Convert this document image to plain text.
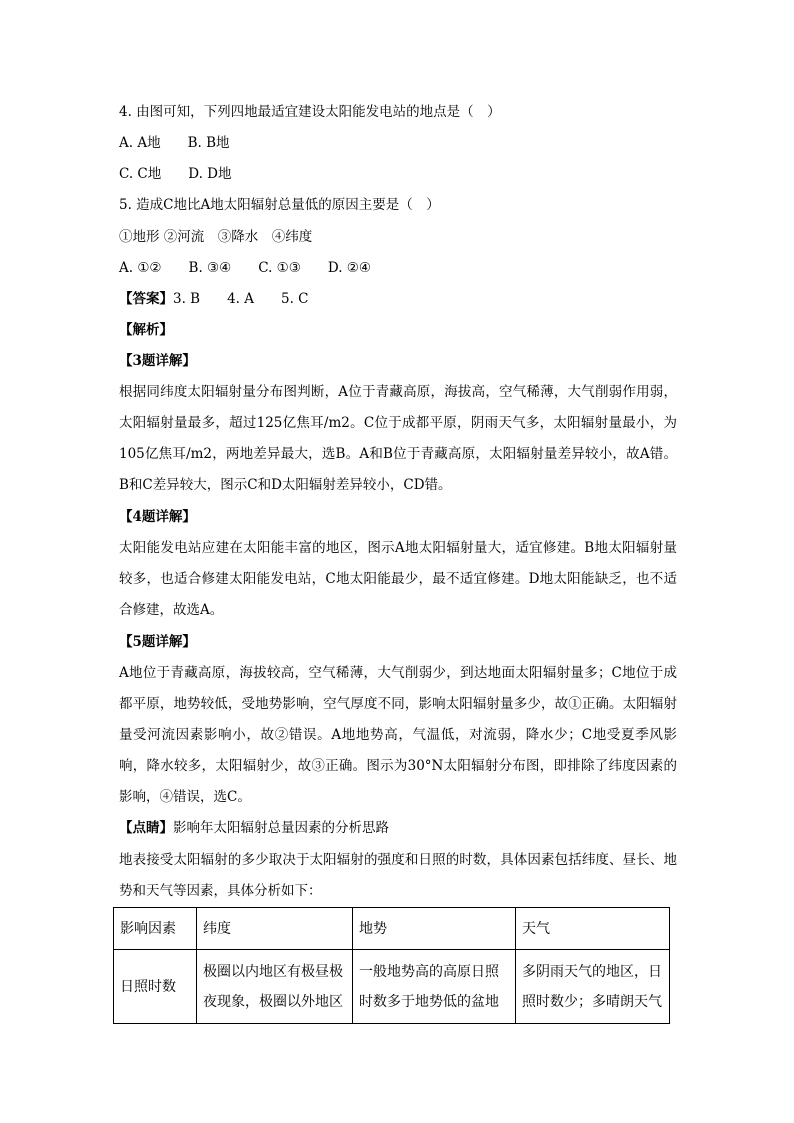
4. 由图可知，下列四地最适宜建设太阳能发电站的地点是（　）
A. A地　　B. B地
C. C地　　D. D地
5. 造成C地比A地太阳辐射总量低的原因主要是（　）
①地形 ②河流　③降水　④纬度
A. ①②　　B. ③④　　C. ①③　　D. ②④
【答案】3. B　　4. A　　5. C
【解析】
【3题详解】
根据同纬度太阳辐射量分布图判断，A位于青藏高原，海拔高，空气稀薄，大气削弱作用弱，太阳辐射量最多，超过125亿焦耳/m2。C位于成都平原，阴雨天气多，太阳辐射量最小，为105亿焦耳/m2，两地差异最大，选B。A和B位于青藏高原，太阳辐射量差异较小，故A错。B和C差异较大，图示C和D太阳辐射差异较小，CD错。
【4题详解】
太阳能发电站应建在太阳能丰富的地区，图示A地太阳辐射量大，适宜修建。B地太阳辐射量较多，也适合修建太阳能发电站，C地太阳能最少，最不适宜修建。D地太阳能缺乏，也不适合修建，故选A。
【5题详解】
A地位于青藏高原，海拔较高，空气稀薄，大气削弱少，到达地面太阳辐射量多；C地位于成都平原，地势较低，受地势影响，空气厚度不同，影响太阳辐射量多少，故①正确。太阳辐射量受河流因素影响小，故②错误。A地地势高，气温低，对流弱，降水少；C地受夏季风影响，降水较多，太阳辐射少，故③正确。图示为30°N太阳辐射分布图，即排除了纬度因素的影响，④错误，选C。
【点睛】影响年太阳辐射总量因素的分析思路
地表接受太阳辐射的多少取决于太阳辐射的强度和日照的时数，具体因素包括纬度、昼长、地势和天气等因素，具体分析如下：
影响因素	纬度	地势	天气
日照时数	极圈以内地区有极昼极夜现象，极圈以外地区	一般地势高的高原日照时数多于地势低的盆地	多阴雨天气的地区，日照时数少；多晴朗天气
